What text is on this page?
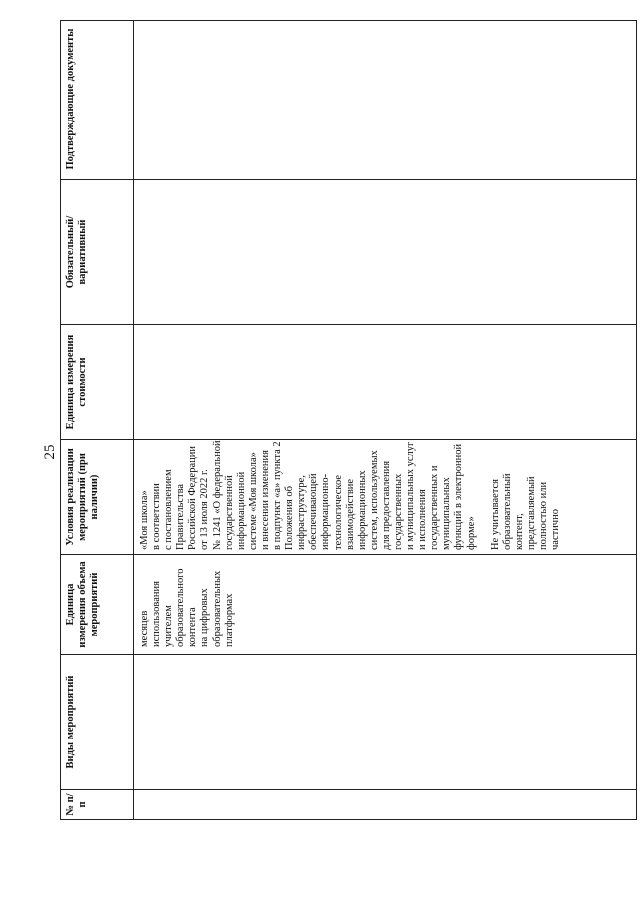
25
№ п/п
Виды мероприятий
Единица измерения объема мероприятий	месяцев
использования
учителем
образовательного
контента
на цифровых
образовательных
платформах
Условия реализации мероприятий (при наличии)
«Моя школа»
в соответствии
с постановлением
Правительства
Российской Федерации
от 13 июля 2022 г.
№ 1241 «О федеральной
государственной
информационной
системе «Моя школа»
и внесении изменения
в подпункт «а» пункта 2
Положения об
инфраструктуре,
обеспечивающей
информационно-
технологическое
взаимодействие
информационных
систем, используемых
для предоставления
государственных
и муниципальных услуг
и исполнения
государственных и
муниципальных
функций в электронной
форме»

Не учитывается
образовательный
контент,
представляемый
полностью или частично
Единица измерения стоимости
Обязательный/ вариативный
Подтверждающие документы
